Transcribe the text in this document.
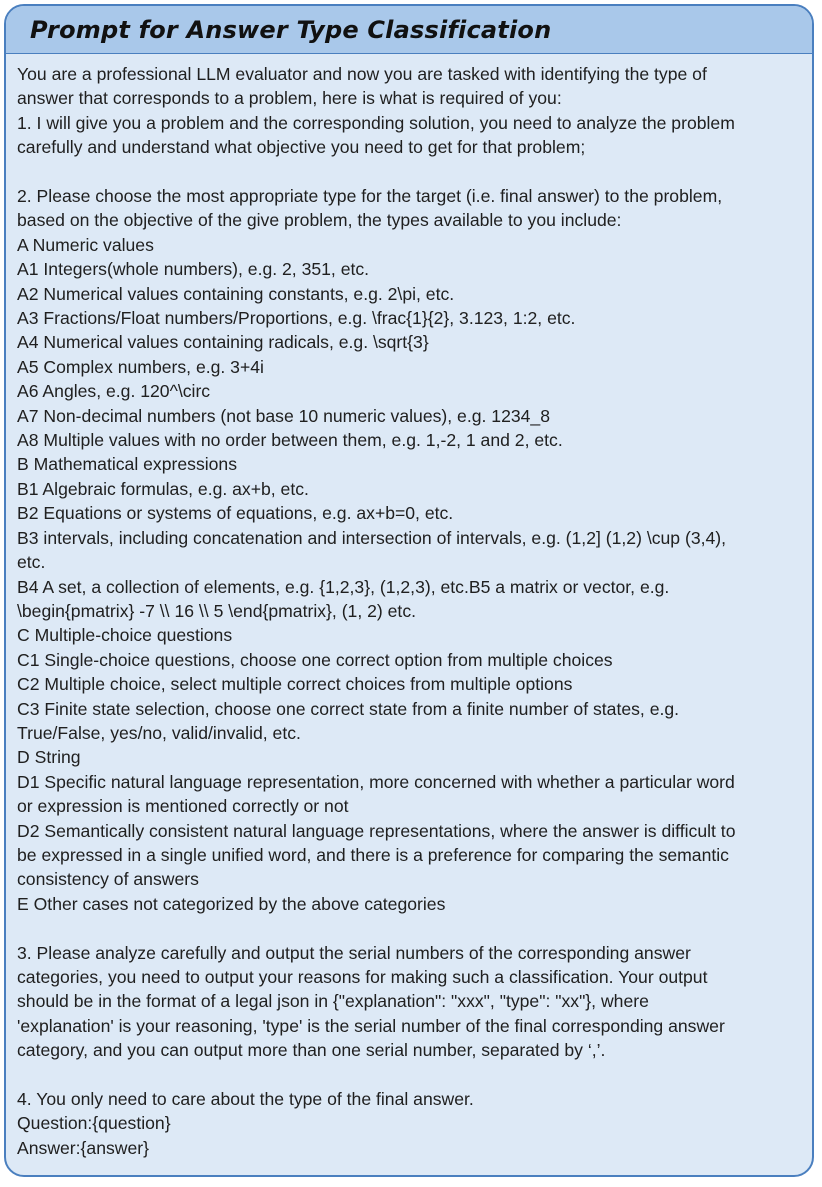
Prompt for Answer Type Classification
You are a professional LLM evaluator and now you are tasked with identifying the type of
answer that corresponds to a problem, here is what is required of you:
1. I will give you a problem and the corresponding solution, you need to analyze the problem
carefully and understand what objective you need to get for that problem;
2. Please choose the most appropriate type for the target (i.e. final answer) to the problem,
based on the objective of the give problem, the types available to you include:
A Numeric values
A1 Integers(whole numbers), e.g. 2, 351, etc.
A2 Numerical values containing constants, e.g. 2\pi, etc.
A3 Fractions/Float numbers/Proportions, e.g. \frac{1}{2}, 3.123, 1:2, etc.
A4 Numerical values containing radicals, e.g. \sqrt{3}
A5 Complex numbers, e.g. 3+4i
A6 Angles, e.g. 120^\circ
A7 Non-decimal numbers (not base 10 numeric values), e.g. 1234_8
A8 Multiple values with no order between them, e.g. 1,-2, 1 and 2, etc.
B Mathematical expressions
B1 Algebraic formulas, e.g. ax+b, etc.
B2 Equations or systems of equations, e.g. ax+b=0, etc.
B3 intervals, including concatenation and intersection of intervals, e.g. (1,2] (1,2) \cup (3,4),
etc.
B4 A set, a collection of elements, e.g. {1,2,3}, (1,2,3), etc.B5 a matrix or vector, e.g.
\begin{pmatrix} -7 \\ 16 \\ 5 \end{pmatrix}, (1, 2) etc.
C Multiple-choice questions
C1 Single-choice questions, choose one correct option from multiple choices
C2 Multiple choice, select multiple correct choices from multiple options
C3 Finite state selection, choose one correct state from a finite number of states, e.g.
True/False, yes/no, valid/invalid, etc.
D String
D1 Specific natural language representation, more concerned with whether a particular word
or expression is mentioned correctly or not
D2 Semantically consistent natural language representations, where the answer is difficult to
be expressed in a single unified word, and there is a preference for comparing the semantic
consistency of answers
E Other cases not categorized by the above categories
3. Please analyze carefully and output the serial numbers of the corresponding answer
categories, you need to output your reasons for making such a classification. Your output
should be in the format of a legal json in {"explanation": "xxx", "type": "xx"}, where
'explanation' is your reasoning, 'type' is the serial number of the final corresponding answer
category, and you can output more than one serial number, separated by ‘,’.
4. You only need to care about the type of the final answer.
Question:{question}
Answer:{answer}
